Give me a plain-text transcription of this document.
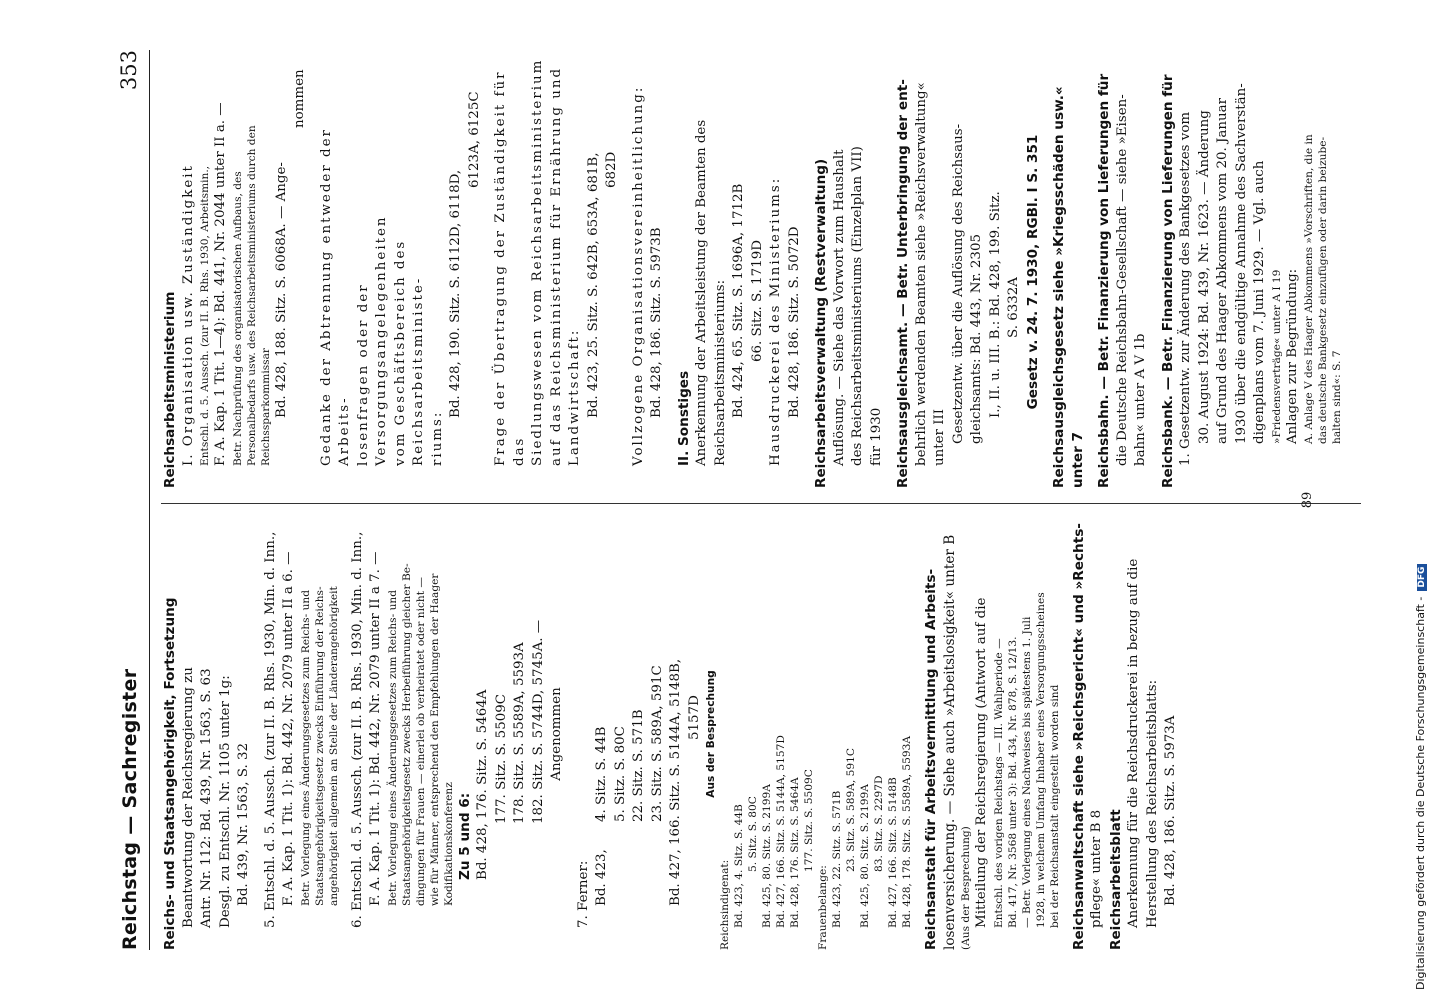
Reichstag — Sachregister
353

Reichs- und Staatsangehörigkeit, Fortsetzung Beantwortung der Reichsregierung zu Antr. Nr. 112: Bd. 439, Nr. 1563, S. 63 Desgl. zu Entschl. Nr. 1105 unter 1g: Bd. 439, Nr. 1563, S. 32 5. Entschl. d. 5. Aussch. (zur II. B. Rhs. 1930, Min. d. Inn., F. A. Kap. 1 Tit. 1): Bd. 442, Nr. 2079 unter II a 6. — Betr. Vorlegung eines Änderungsgesetzes zum Reichs- und Staatsangehörigkeitsgesetz zwecks Einführung der Reichs- angehörigkeit allgemein an Stelle der Länderangehörigkeit 6. Entschl. d. 5. Aussch. (zur II. B. Rhs. 1930, Min. d. Inn., F. A. Kap. 1 Tit. 1): Bd. 442, Nr. 2079 unter II a 7. — Betr. Vorlegung eines Änderungsgesetzes zum Reichs- und Staatsangehörigkeitsgesetz zwecks Herbeiführung gleicher Be- dingungen für Frauen — einerlei ob verheiratet oder nicht — wie für Männer, entsprechend den Empfehlungen der Haager Kodifikationskonferenz Zu 5 und 6: Bd. 428, 176. Sitz. S. 5464A 177. Sitz. S. 5509C 178. Sitz. S. 5589A, 5593A 182. Sitz. S. 5744D, 5745A. — Angenommen

7. Ferner: Bd. 423,
4. Sitz. S. 44B 5. Sitz. S. 80C 22. Sitz. S. 571B 23. Sitz. S. 589A, 591C Bd. 427, 166. Sitz. S. 5144A, 5148B, 5157D Aus der Besprechung

Reichsindigenat: Bd. 423, 4. Sitz. S. 44B 5. Sitz. S. 80C Bd. 425, 80. Sitz. S. 2199A Bd. 427, 166. Sitz. S. 5144A, 5157D Bd. 428, 176. Sitz. S. 5464A 177. Sitz. S. 5509C

Frauenbelange: Bd. 423, 22. Sitz. S. 571B 23. Sitz. S. 589A, 591C Bd. 425, 80. Sitz. S. 2199A 83. Sitz. S. 2297D Bd. 427, 166. Sitz. S. 5148B Bd. 428, 178. Sitz. S. 5589A, 5593A Reichsanstalt für Arbeitsvermittlung und Arbeits- losenversicherung. — Siehe auch »Arbeitslosigkeit« unter B (Aus der Besprechung) Mitteilung der Reichsregierung (Antwort auf die Entschl. des vorigen Reichstags — III. Wahlperiode — Bd. 417, Nr. 3568 unter 3): Bd. 434, Nr. 878, S. 12/13. — Betr. Vorlegung eines Nachweises bis spätestens 1. Juli 1928, in welchem Umfang Inhaber eines Versorgungsscheines bei der Reichsanstalt eingestellt worden sind Reichsanwaltschaft siehe »Reichsgericht« und »Rechts- pflege« unter B 8 Reichsarbeitsblatt Anerkennung für die Reichsdruckerei in bezug auf die Herstellung des Reichsarbeitsblatts: Bd. 428, 186. Sitz. S. 5973A

Reichsarbeitsministerium I. Organisation usw. Zuständigkeit Entschl. d. 5. Aussch. (zur II. B. Rhs. 1930, Arbeitsmin., F. A. Kap. 1 Tit. 1—4): Bd. 441, Nr. 2044 unter II a. — Betr. Nachprüfung des organisatorischen Aufbaus, des Personalbedarfs usw. des Reichsarbeitsministeriums durch den Reichssparkommissar Bd. 428, 188. Sitz. S. 6068A. — Ange-

nommen

Gedanke der Abtrennung entweder der Arbeits- losenfragen oder der Versorgungsangelegenheiten vom Geschäftsbereich des Reichsarbeitsministe- riums:

Bd. 428, 190. Sitz. S. 6112D, 6118D,

6123A, 6125C Frage der Übertragung der Zuständigkeit für das Siedlungswesen vom Reichsarbeitsministerium auf das Reichsministerium für Ernährung und Landwirtschaft: Bd. 423, 25. Sitz. S. 642B, 653A, 681B, 682D Vollzogene Organisationsvereinheitlichung: Bd. 428, 186. Sitz. S. 5973B

II. Sonstiges Anerkennung der Arbeitsleistung der Beamten des Reichsarbeitsministeriums: Bd. 424, 65. Sitz. S. 1696A, 1712B 66. Sitz. S. 1719D Hausdruckerei des Ministeriums: Bd. 428, 186. Sitz. S. 5072D Reichsarbeitsverwaltung (Restverwaltung) Auflösung. — Siehe das Vorwort zum Haushalt des Reichsarbeitsministeriums (Einzelplan VII) für 1930 Reichsausgleichsamt. — Betr. Unterbringung der ent- behrlich werdenden Beamten siehe »Reichsverwaltung« unter III Gesetzentw. über die Auflösung des Reichsaus- gleichsamts: Bd. 443, Nr. 2305 I., II. u. III. B.: Bd. 428, 199. Sitz. S. 6332A Gesetz v. 24. 7. 1930, RGBl. I S. 351 Reichsausgleichsgesetz siehe »Kriegsschäden usw.« unter 7 Reichsbahn. — Betr. Finanzierung von Lieferungen für die Deutsche Reichsbahn-Gesellschaft — siehe »Eisen- bahn« unter A V 1b Reichsbank. — Betr. Finanzierung von Lieferungen für 1. Gesetzentw. zur Änderung des Bankgesetzes vom 30. August 1924: Bd. 439, Nr. 1623. — Änderung auf Grund des Haager Abkommens vom 20. Januar 1930 über die endgültige Annahme des Sachverstän- digenplans vom 7. Juni 1929. — Vgl. auch »Friedensverträge« unter A I 19 Anlagen zur Begründung: A. Anlage V des Haager Abkommens »Vorschriften, die in das deutsche Bankgesetz einzufügen oder darin beizube- halten sind«: S. 7

89
Digitalisierung gefördert durch die Deutsche Forschungsgemeinschaft -DFG
